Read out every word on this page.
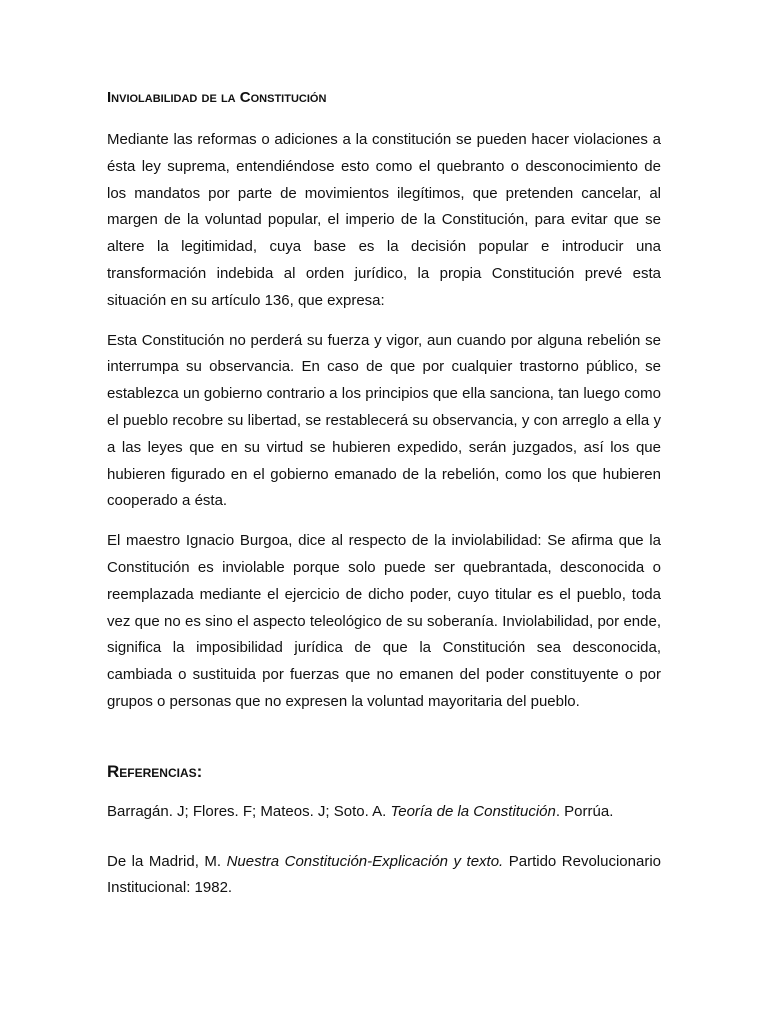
Inviolabilidad de la Constitución

Mediante las reformas o adiciones a la constitución se pueden hacer violaciones a ésta ley suprema, entendiéndose esto como el quebranto o desconocimiento de los mandatos por parte de movimientos ilegítimos, que pretenden cancelar, al margen de la voluntad popular, el imperio de la Constitución, para evitar que se altere la legitimidad, cuya base es la decisión popular e introducir una transformación indebida al orden jurídico, la propia Constitución prevé esta situación en su artículo 136, que expresa:

Esta Constitución no perderá su fuerza y vigor, aun cuando por alguna rebelión se interrumpa su observancia. En caso de que por cualquier trastorno público, se establezca un gobierno contrario a los principios que ella sanciona, tan luego como el pueblo recobre su libertad, se restablecerá su observancia, y con arreglo a ella y a las leyes que en su virtud se hubieren expedido, serán juzgados, así los que hubieren figurado en el gobierno emanado de la rebelión, como los que hubieren cooperado a ésta.

El maestro Ignacio Burgoa, dice al respecto de la inviolabilidad: Se afirma que la Constitución es inviolable porque solo puede ser quebrantada, desconocida o reemplazada mediante el ejercicio de dicho poder, cuyo titular es el pueblo, toda vez que no es sino el aspecto teleológico de su soberanía. Inviolabilidad, por ende, significa la imposibilidad jurídica de que la Constitución sea desconocida, cambiada o sustituida por fuerzas que no emanen del poder constituyente o por grupos o personas que no expresen la voluntad mayoritaria del pueblo.

Referencias:

Barragán. J; Flores. F; Mateos. J; Soto. A. Teoría de la Constitución. Porrúa.

De la Madrid, M. Nuestra Constitución-Explicación y texto. Partido Revolucionario Institucional: 1982.
